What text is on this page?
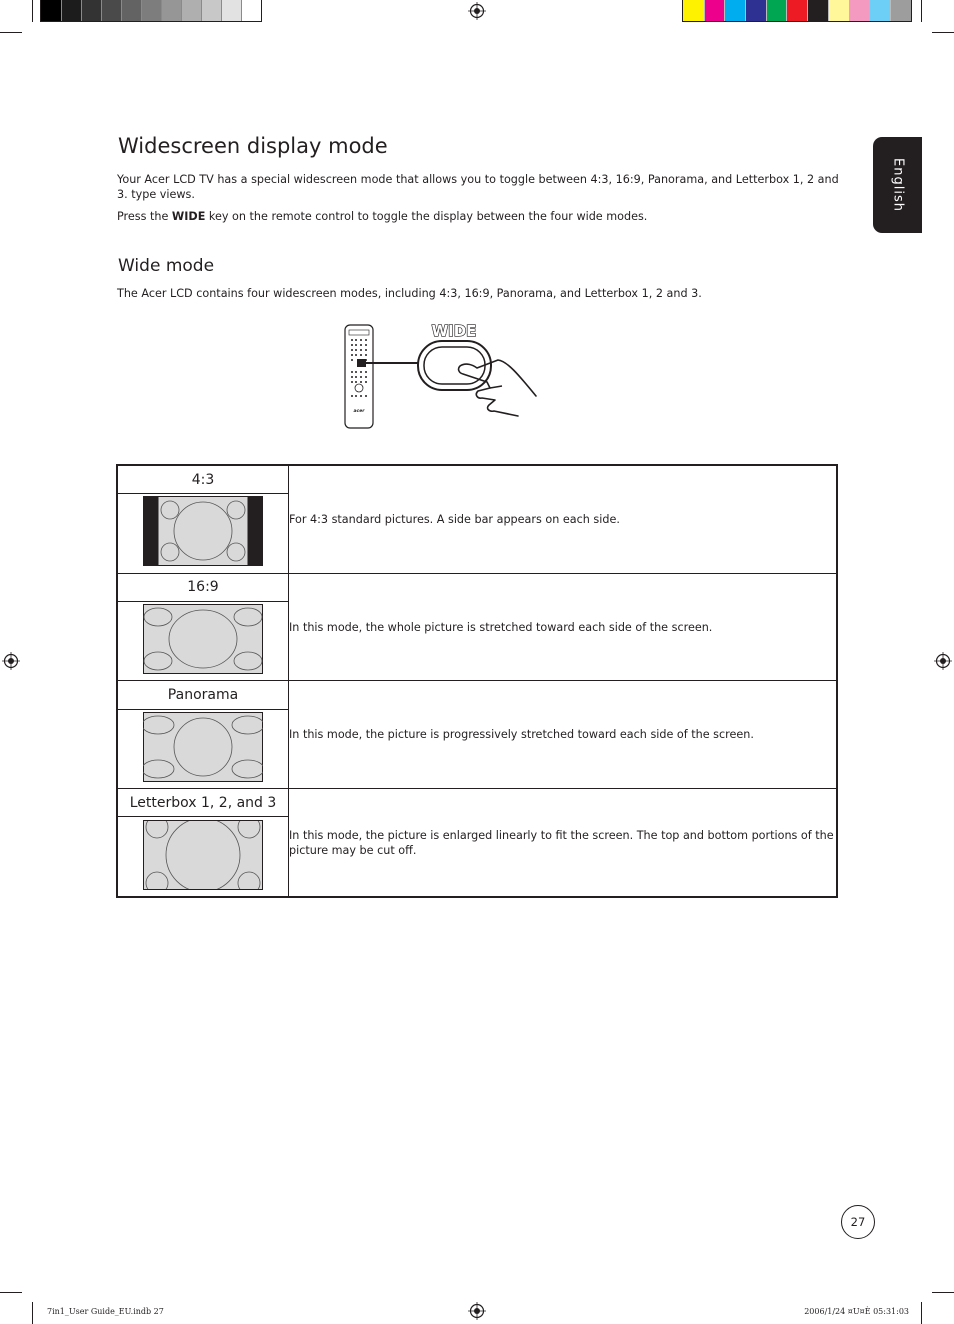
English
Widescreen display mode

Your Acer LCD TV has a special widescreen mode that allows you to toggle between 4:3, 16:9, Panorama, and Letterbox 1, 2 and 3. type views.

Press the WIDE key on the remote control to toggle the display between the four wide modes.

Wide mode

The Acer LCD contains four widescreen modes, including 4:3, 16:9, Panorama, and Letterbox 1, 2 and 3.

acer
WIDE
4:3	For 4:3 standard pictures. A side bar appears on each side.

16:9	In this mode, the whole picture is stretched toward each side of the screen.

Panorama	In this mode, the picture is progressively stretched toward each side of the screen.

Letterbox 1, 2, and 3	In this mode, the picture is enlarged linearly to fit the screen. The top and bottom portions of the picture may be cut off.

27
7in1_User Guide_EU.indb 27	2006/1/24 ¤U¤È 05:31:03
